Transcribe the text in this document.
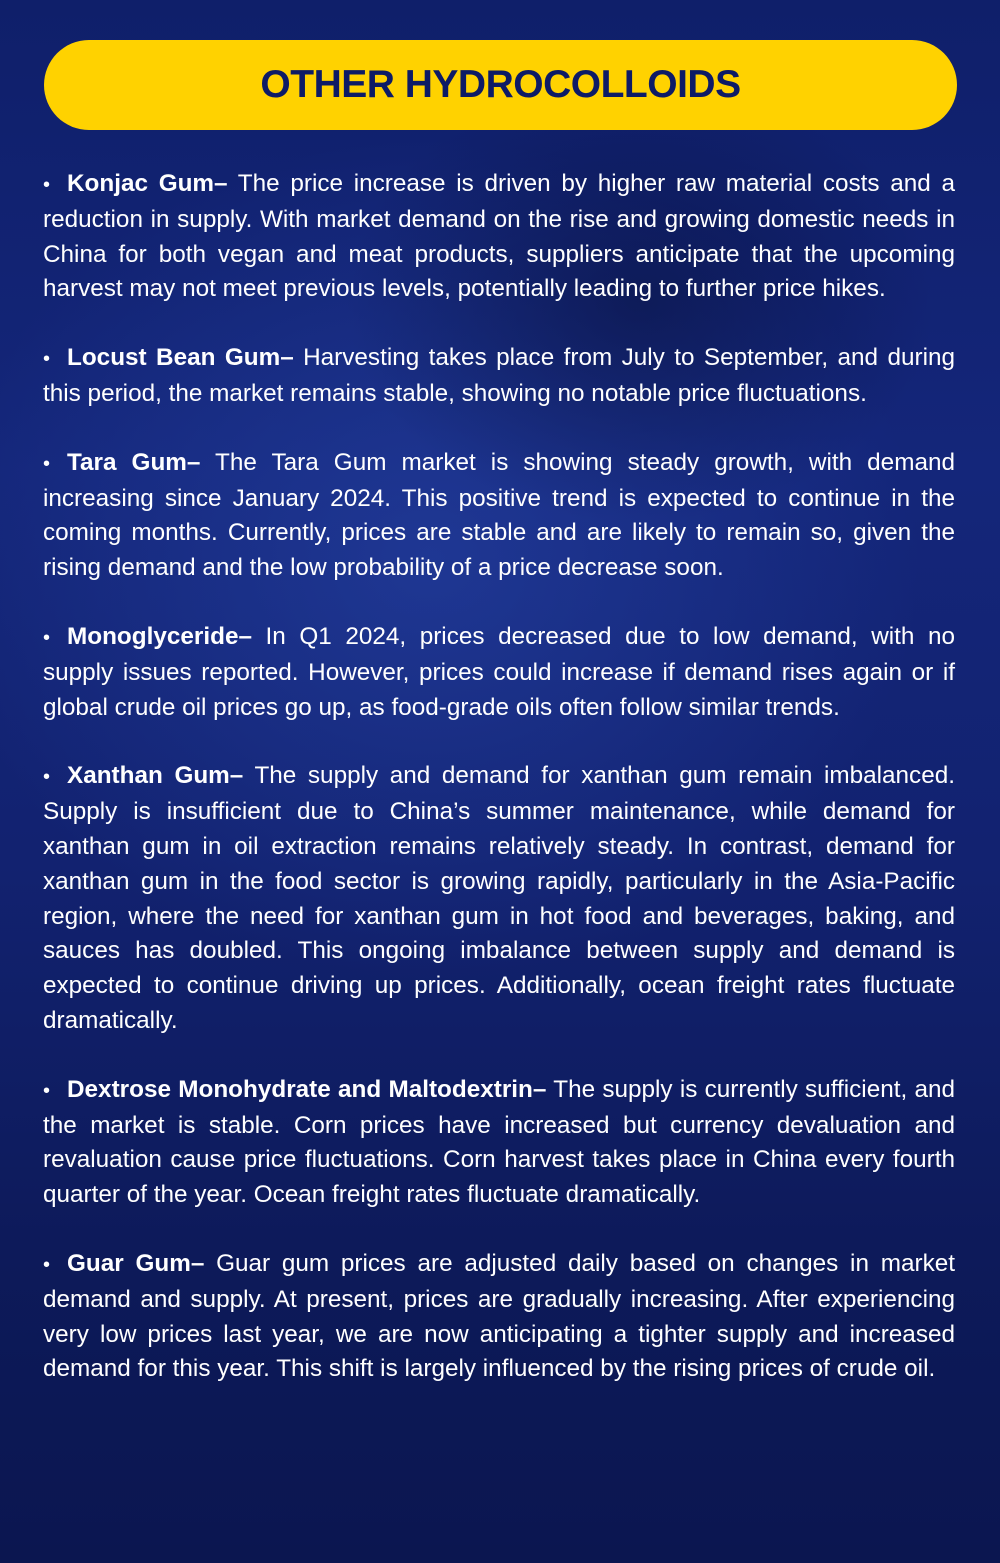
OTHER HYDROCOLLOIDS

• Konjac Gum– The price increase is driven by higher raw material costs and a reduction in supply. With market demand on the rise and growing domestic needs in China for both vegan and meat products, suppliers anticipate that the upcoming harvest may not meet previous levels, potentially leading to further price hikes.

• Locust Bean Gum– Harvesting takes place from July to September, and during this period, the market remains stable, showing no notable price fluctuations.

• Tara Gum– The Tara Gum market is showing steady growth, with demand increasing since January 2024. This positive trend is expected to continue in the coming months. Currently, prices are stable and are likely to remain so, given the rising demand and the low probability of a price decrease soon.

• Monoglyceride– In Q1 2024, prices decreased due to low demand, with no supply issues reported. However, prices could increase if demand rises again or if global crude oil prices go up, as food-grade oils often follow similar trends.

• Xanthan Gum– The supply and demand for xanthan gum remain imbalanced. Supply is insufficient due to China’s summer maintenance, while demand for xanthan gum in oil extraction remains relatively steady. In contrast, demand for xanthan gum in the food sector is growing rapidly, particularly in the Asia-Pacific region, where the need for xanthan gum in hot food and beverages, baking, and sauces has doubled. This ongoing imbalance between supply and demand is expected to continue driving up prices. Additionally, ocean freight rates fluctuate dramatically.

• Dextrose Monohydrate and Maltodextrin– The supply is currently sufficient, and the market is stable. Corn prices have increased but currency devaluation and revaluation cause price fluctuations. Corn harvest takes place in China every fourth quarter of the year. Ocean freight rates fluctuate dramatically.

• Guar Gum– Guar gum prices are adjusted daily based on changes in market demand and supply. At present, prices are gradually increasing. After experiencing very low prices last year, we are now anticipating a tighter supply and increased demand for this year. This shift is largely influenced by the rising prices of crude oil.
